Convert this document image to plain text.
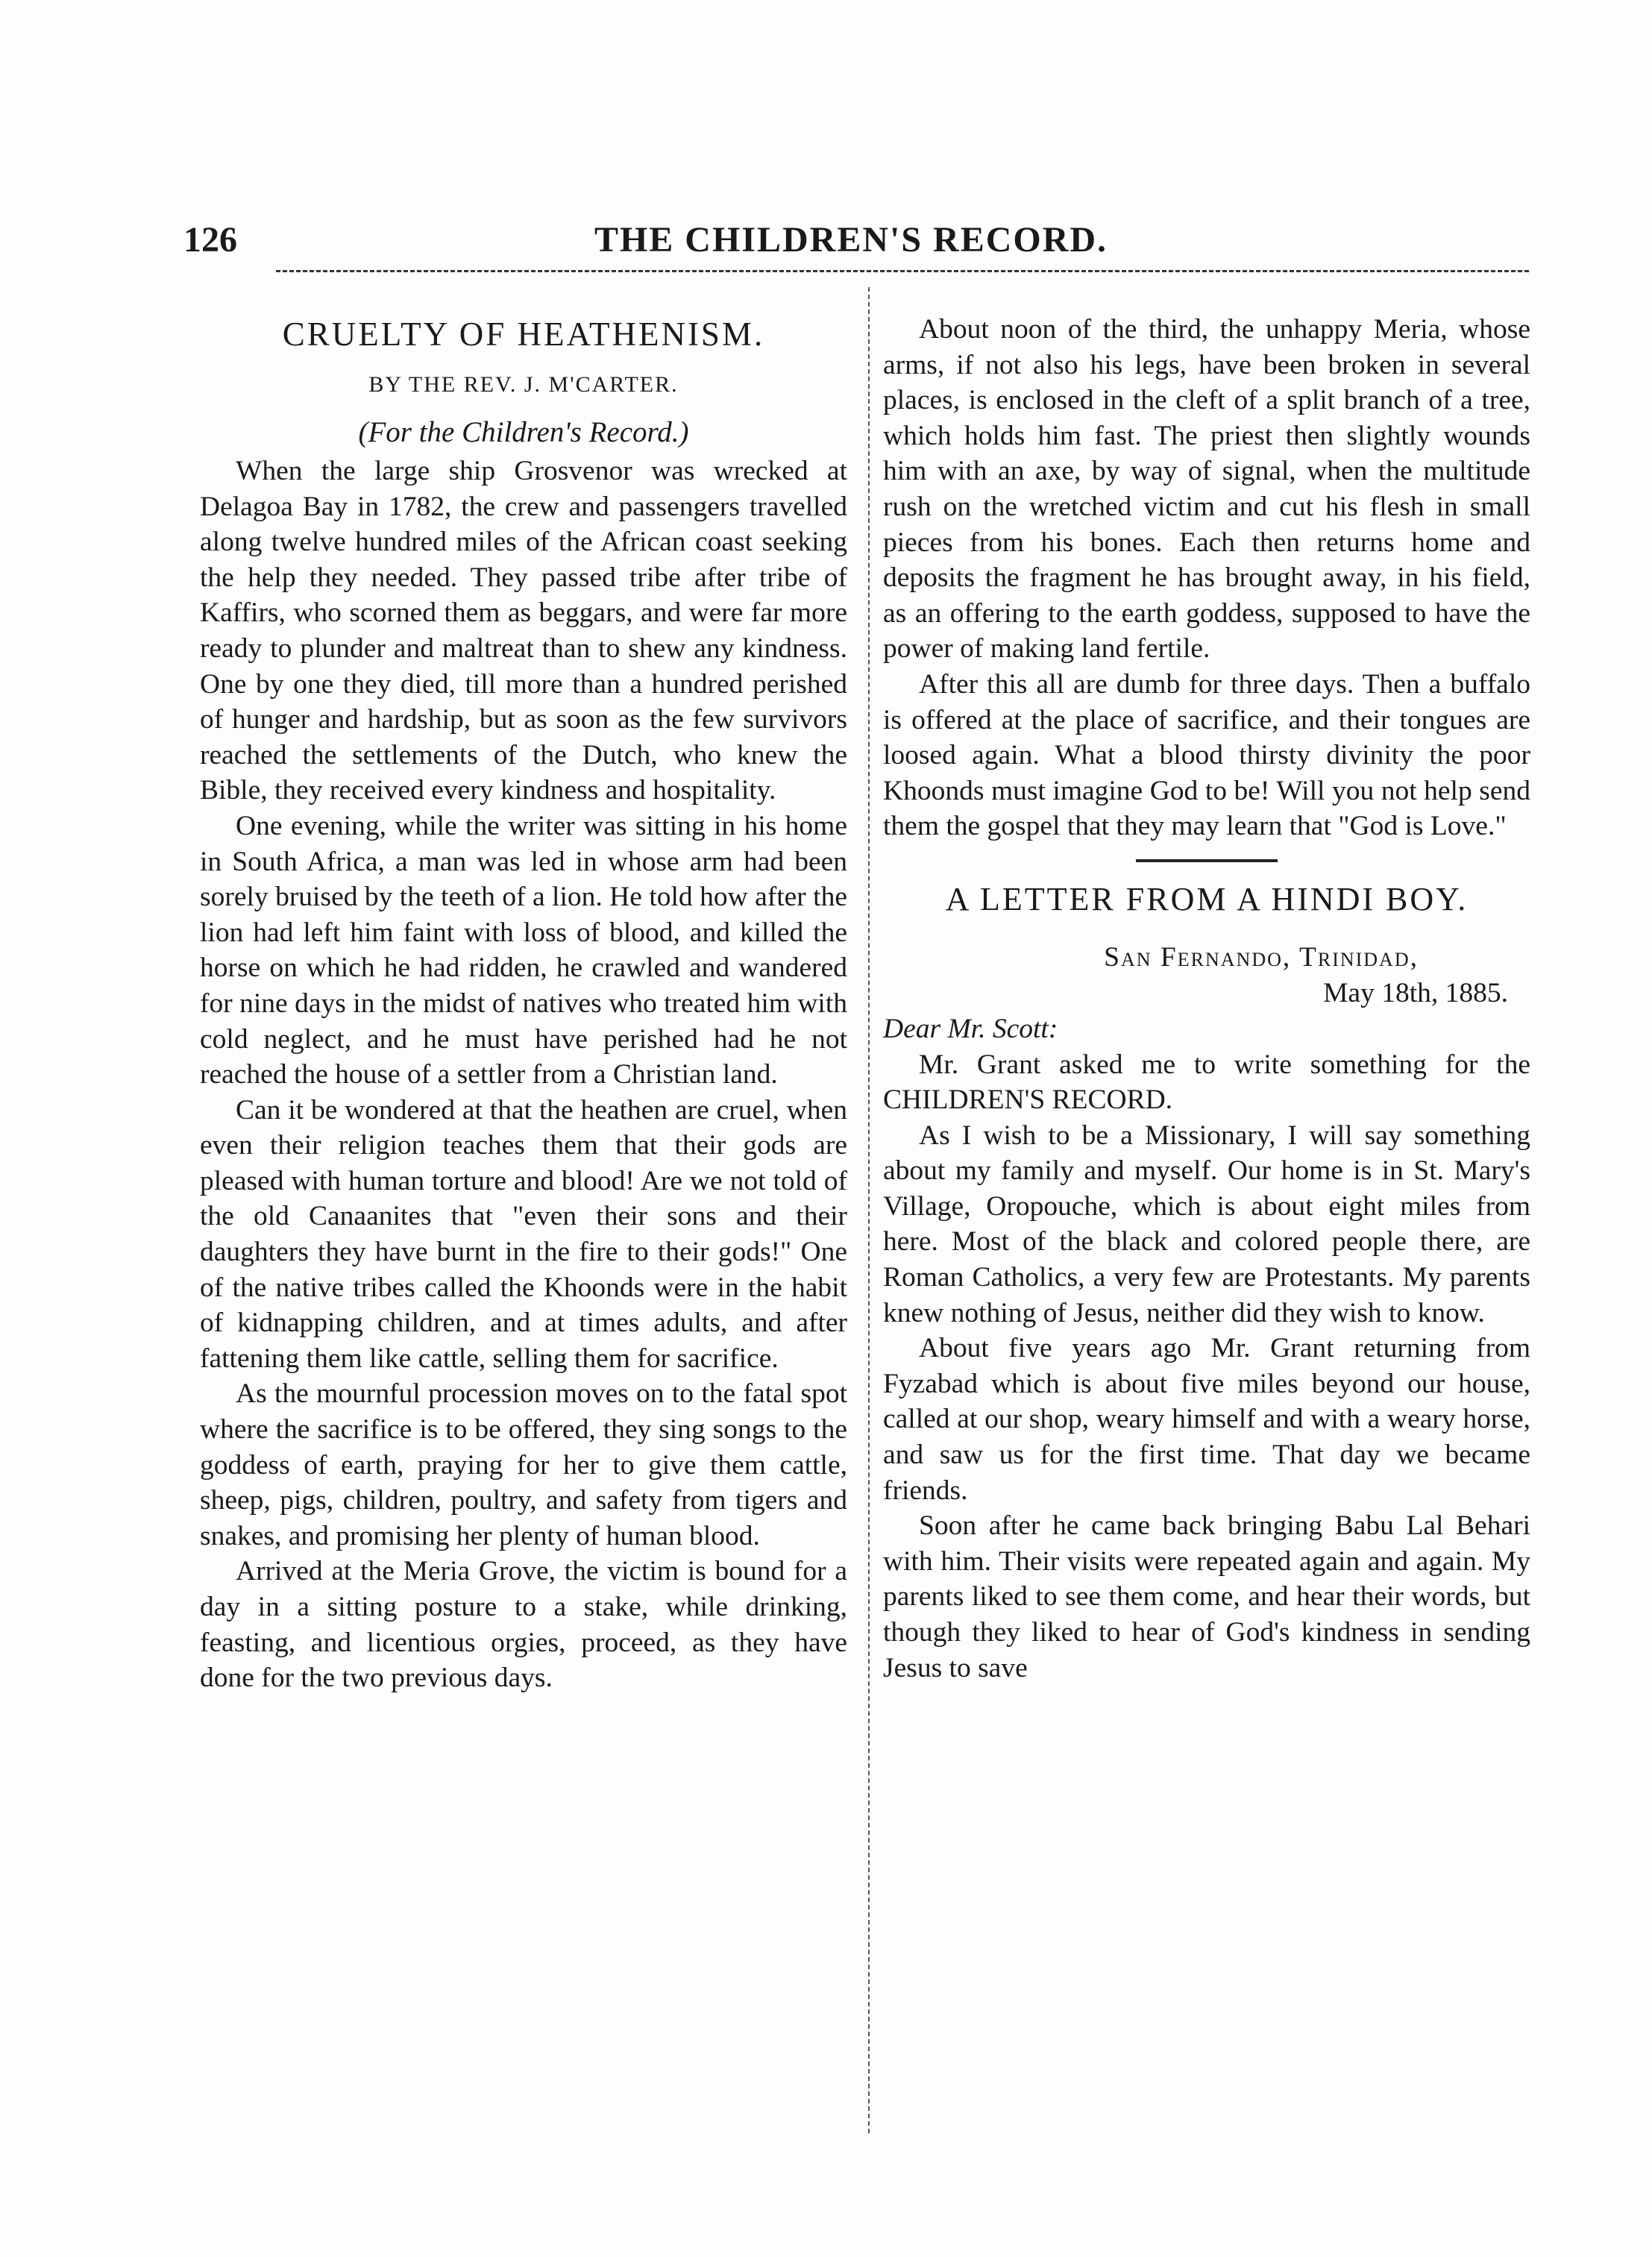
126	THE CHILDREN'S RECORD.
CRUELTY OF HEATHENISM.
BY THE REV. J. M'CARTER.
(For the Children's Record.)

When the large ship Grosvenor was wrecked at Delagoa Bay in 1782, the crew and passengers travelled along twelve hundred miles of the African coast seeking the help they needed. They passed tribe after tribe of Kaffirs, who scorned them as beggars, and were far more ready to plunder and maltreat than to shew any kindness. One by one they died, till more than a hundred perished of hunger and hardship, but as soon as the few survivors reached the settlements of the Dutch, who knew the Bible, they received every kindness and hospitality.

One evening, while the writer was sitting in his home in South Africa, a man was led in whose arm had been sorely bruised by the teeth of a lion. He told how after the lion had left him faint with loss of blood, and killed the horse on which he had ridden, he crawled and wandered for nine days in the midst of natives who treated him with cold neglect, and he must have perished had he not reached the house of a settler from a Christian land.

Can it be wondered at that the heathen are cruel, when even their religion teaches them that their gods are pleased with human torture and blood! Are we not told of the old Canaanites that "even their sons and their daughters they have burnt in the fire to their gods!" One of the native tribes called the Khoonds were in the habit of kidnapping children, and at times adults, and after fattening them like cattle, selling them for sacrifice.

As the mournful procession moves on to the fatal spot where the sacrifice is to be offered, they sing songs to the goddess of earth, praying for her to give them cattle, sheep, pigs, children, poultry, and safety from tigers and snakes, and promising her plenty of human blood.

Arrived at the Meria Grove, the victim is bound for a day in a sitting posture to a stake, while drinking, feasting, and licentious orgies, proceed, as they have done for the two previous days.

About noon of the third, the unhappy Meria, whose arms, if not also his legs, have been broken in several places, is enclosed in the cleft of a split branch of a tree, which holds him fast. The priest then slightly wounds him with an axe, by way of signal, when the multitude rush on the wretched victim and cut his flesh in small pieces from his bones. Each then returns home and deposits the fragment he has brought away, in his field, as an offering to the earth goddess, supposed to have the power of making land fertile.

After this all are dumb for three days. Then a buffalo is offered at the place of sacrifice, and their tongues are loosed again. What a blood thirsty divinity the poor Khoonds must imagine God to be! Will you not help send them the gospel that they may learn that "God is Love."

A LETTER FROM A HINDI BOY.
San Fernando, Trinidad,
May 18th, 1885.

Dear Mr. Scott:

Mr. Grant asked me to write something for the CHILDREN'S RECORD.

As I wish to be a Missionary, I will say something about my family and myself. Our home is in St. Mary's Village, Oropouche, which is about eight miles from here. Most of the black and colored people there, are Roman Catholics, a very few are Protestants. My parents knew nothing of Jesus, neither did they wish to know.

About five years ago Mr. Grant returning from Fyzabad which is about five miles beyond our house, called at our shop, weary himself and with a weary horse, and saw us for the first time. That day we became friends.

Soon after he came back bringing Babu Lal Behari with him. Their visits were repeated again and again. My parents liked to see them come, and hear their words, but though they liked to hear of God's kindness in sending Jesus to save
